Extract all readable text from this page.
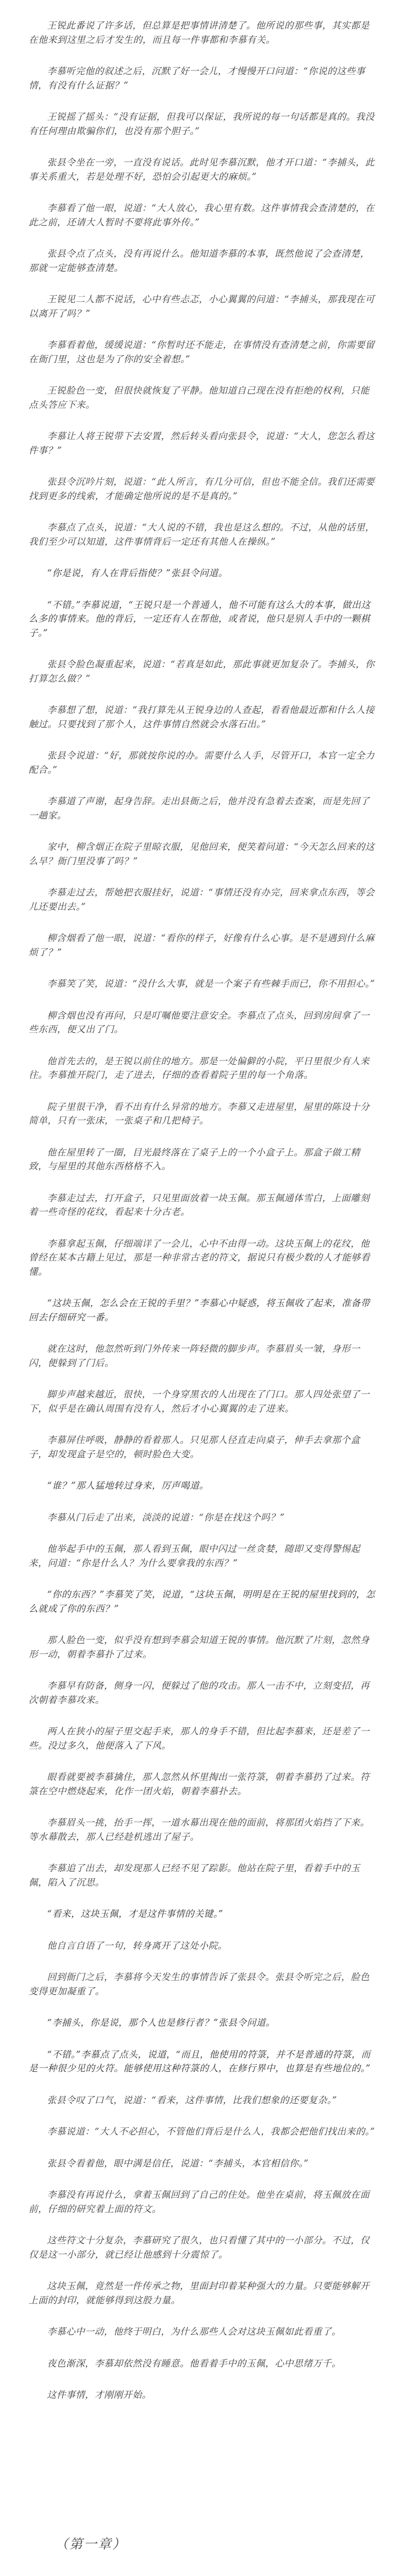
王锐此番说了许多话，但总算是把事情讲清楚了。他所说的那些事，其实都是在他来到这里之后才发生的，而且每一件事都和李慕有关。

李慕听完他的叙述之后，沉默了好一会儿，才慢慢开口问道：“你说的这些事情，有没有什么证据？”

王锐摇了摇头：“没有证据，但我可以保证，我所说的每一句话都是真的。我没有任何理由欺骗你们，也没有那个胆子。”

张县令坐在一旁，一直没有说话。此时见李慕沉默，他才开口道：“李捕头，此事关系重大，若是处理不好，恐怕会引起更大的麻烦。”

李慕看了他一眼，说道：“大人放心，我心里有数。这件事情我会查清楚的，在此之前，还请大人暂时不要将此事外传。”

张县令点了点头，没有再说什么。他知道李慕的本事，既然他说了会查清楚，那就一定能够查清楚。

王锐见二人都不说话，心中有些忐忑，小心翼翼的问道：“李捕头，那我现在可以离开了吗？”

李慕看着他，缓缓说道：“你暂时还不能走，在事情没有查清楚之前，你需要留在衙门里，这也是为了你的安全着想。”

王锐脸色一变，但很快就恢复了平静。他知道自己现在没有拒绝的权利，只能点头答应下来。

李慕让人将王锐带下去安置，然后转头看向张县令，说道：“大人，您怎么看这件事？”

张县令沉吟片刻，说道：“此人所言，有几分可信，但也不能全信。我们还需要找到更多的线索，才能确定他所说的是不是真的。”

李慕点了点头，说道：“大人说的不错，我也是这么想的。不过，从他的话里，我们至少可以知道，这件事情背后一定还有其他人在操纵。”

“你是说，有人在背后指使？”张县令问道。

“不错。”李慕说道，“王锐只是一个普通人，他不可能有这么大的本事，做出这么多的事情来。他的背后，一定还有人在帮他，或者说，他只是别人手中的一颗棋子。”

张县令脸色凝重起来，说道：“若真是如此，那此事就更加复杂了。李捕头，你打算怎么做？”

李慕想了想，说道：“我打算先从王锐身边的人查起，看看他最近都和什么人接触过。只要找到了那个人，这件事情自然就会水落石出。”

张县令说道：“好，那就按你说的办。需要什么人手，尽管开口，本官一定全力配合。”

李慕道了声谢，起身告辞。走出县衙之后，他并没有急着去查案，而是先回了一趟家。

家中，柳含烟正在院子里晾衣服，见他回来，便笑着问道：“今天怎么回来的这么早？衙门里没事了吗？”

李慕走过去，帮她把衣服挂好，说道：“事情还没有办完，回来拿点东西，等会儿还要出去。”

柳含烟看了他一眼，说道：“看你的样子，好像有什么心事。是不是遇到什么麻烦了？”

李慕笑了笑，说道：“没什么大事，就是一个案子有些棘手而已，你不用担心。”

柳含烟也没有再问，只是叮嘱他要注意安全。李慕点了点头，回到房间拿了一些东西，便又出了门。

他首先去的，是王锐以前住的地方。那是一处偏僻的小院，平日里很少有人来往。李慕推开院门，走了进去，仔细的查看着院子里的每一个角落。

院子里很干净，看不出有什么异常的地方。李慕又走进屋里，屋里的陈设十分简单，只有一张床，一张桌子和几把椅子。

他在屋里转了一圈，目光最终落在了桌子上的一个小盒子上。那盒子做工精致，与屋里的其他东西格格不入。

李慕走过去，打开盒子，只见里面放着一块玉佩。那玉佩通体雪白，上面雕刻着一些奇怪的花纹，看起来十分古老。

李慕拿起玉佩，仔细端详了一会儿，心中不由得一动。这块玉佩上的花纹，他曾经在某本古籍上见过，那是一种非常古老的符文，据说只有极少数的人才能够看懂。

“这块玉佩，怎么会在王锐的手里？”李慕心中疑惑，将玉佩收了起来，准备带回去仔细研究一番。

就在这时，他忽然听到门外传来一阵轻微的脚步声。李慕眉头一皱，身形一闪，便躲到了门后。

脚步声越来越近，很快，一个身穿黑衣的人出现在了门口。那人四处张望了一下，似乎是在确认周围有没有人，然后才小心翼翼的走了进来。

李慕屏住呼吸，静静的看着那人。只见那人径直走向桌子，伸手去拿那个盒子，却发现盒子是空的，顿时脸色大变。

“谁？”那人猛地转过身来，厉声喝道。

李慕从门后走了出来，淡淡的说道：“你是在找这个吗？”

他举起手中的玉佩，那人看到玉佩，眼中闪过一丝贪婪，随即又变得警惕起来，问道：“你是什么人？为什么要拿我的东西？”

“你的东西？”李慕笑了笑，说道，“这块玉佩，明明是在王锐的屋里找到的，怎么就成了你的东西？”

那人脸色一变，似乎没有想到李慕会知道王锐的事情。他沉默了片刻，忽然身形一动，朝着李慕扑了过来。

李慕早有防备，侧身一闪，便躲过了他的攻击。那人一击不中，立刻变招，再次朝着李慕攻来。

两人在狭小的屋子里交起手来，那人的身手不错，但比起李慕来，还是差了一些。没过多久，他便落入了下风。

眼看就要被李慕擒住，那人忽然从怀里掏出一张符箓，朝着李慕扔了过来。符箓在空中燃烧起来，化作一团火焰，朝着李慕扑去。

李慕眉头一挑，抬手一挥，一道水幕出现在他的面前，将那团火焰挡了下来。等水幕散去，那人已经趁机逃出了屋子。

李慕追了出去，却发现那人已经不见了踪影。他站在院子里，看着手中的玉佩，陷入了沉思。

“看来，这块玉佩，才是这件事情的关键。”

他自言自语了一句，转身离开了这处小院。

回到衙门之后，李慕将今天发生的事情告诉了张县令。张县令听完之后，脸色变得更加凝重了。

“李捕头，你是说，那个人也是修行者？”张县令问道。

“不错。”李慕点了点头，说道，“而且，他使用的符箓，并不是普通的符箓，而是一种很少见的火符。能够使用这种符箓的人，在修行界中，也算是有些地位的。”

张县令叹了口气，说道：“看来，这件事情，比我们想象的还要复杂。”

李慕说道：“大人不必担心，不管他们背后是什么人，我都会把他们找出来的。”

张县令看着他，眼中满是信任，说道：“李捕头，本官相信你。”

李慕没有再说什么，拿着玉佩回到了自己的住处。他坐在桌前，将玉佩放在面前，仔细的研究着上面的符文。

这些符文十分复杂，李慕研究了很久，也只看懂了其中的一小部分。不过，仅仅是这一小部分，就已经让他感到十分震惊了。

这块玉佩，竟然是一件传承之物，里面封印着某种强大的力量。只要能够解开上面的封印，就能够得到这股力量。

李慕心中一动，他终于明白，为什么那些人会对这块玉佩如此看重了。

夜色渐深，李慕却依然没有睡意。他看着手中的玉佩，心中思绪万千。

这件事情，才刚刚开始。

（第一章）
